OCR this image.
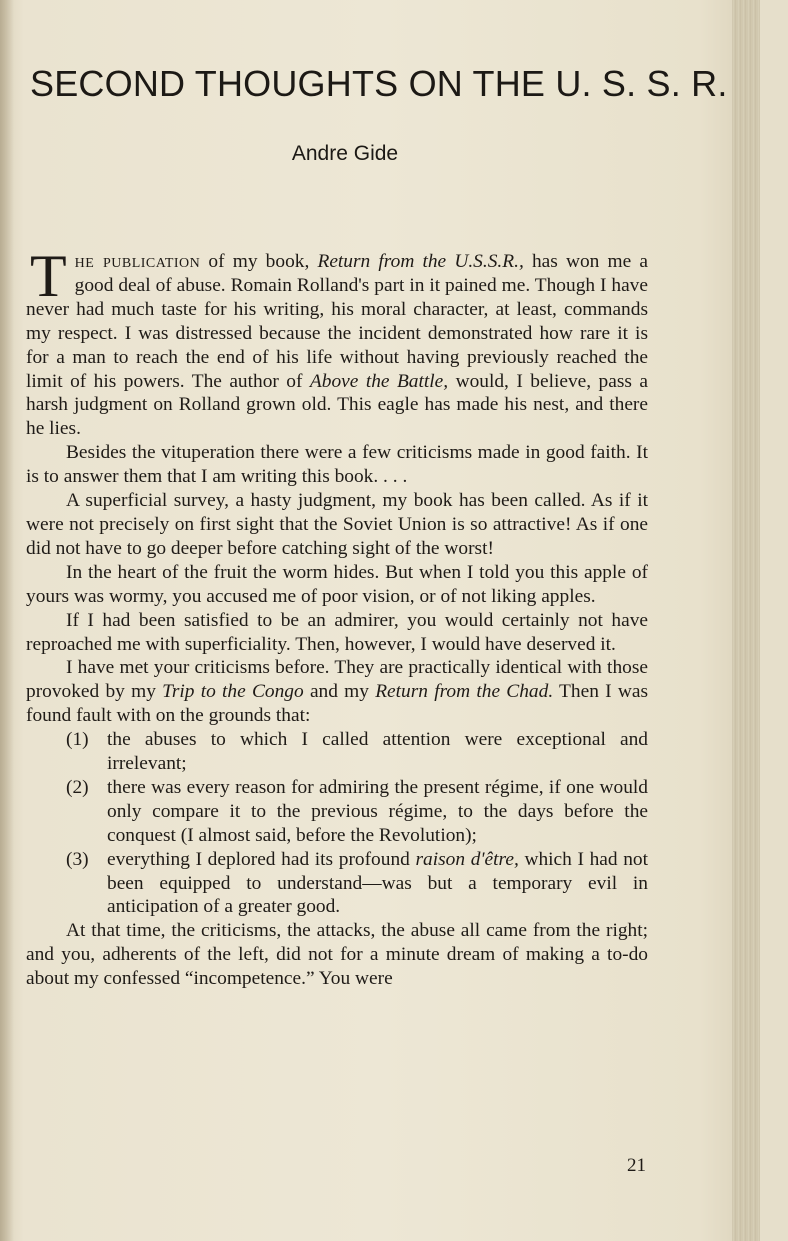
SECOND THOUGHTS ON THE U. S. S. R.
Andre Gide

The publication of my book, Return from the U.S.S.R., has won me a good deal of abuse. Romain Rolland's part in it pained me. Though I have never had much taste for his writing, his moral character, at least, commands my respect. I was distressed because the incident demonstrated how rare it is for a man to reach the end of his life without having previously reached the limit of his powers. The author of Above the Battle, would, I believe, pass a harsh judgment on Rolland grown old. This eagle has made his nest, and there he lies.

Besides the vituperation there were a few criticisms made in good faith. It is to answer them that I am writing this book. . . .

A superficial survey, a hasty judgment, my book has been called. As if it were not precisely on first sight that the Soviet Union is so attractive! As if one did not have to go deeper before catching sight of the worst!

In the heart of the fruit the worm hides. But when I told you this apple of yours was wormy, you accused me of poor vision, or of not liking apples.

If I had been satisfied to be an admirer, you would certainly not have reproached me with superficiality. Then, however, I would have deserved it.

I have met your criticisms before. They are practically identical with those provoked by my Trip to the Congo and my Return from the Chad. Then I was found fault with on the grounds that:

(1) the abuses to which I called attention were exceptional and irrelevant;
(2) there was every reason for admiring the present régime, if one would only compare it to the previous régime, to the days before the conquest (I almost said, before the Revolution);
(3) everything I deplored had its profound raison d'être, which I had not been equipped to understand—was but a temporary evil in anticipation of a greater good.

At that time, the criticisms, the attacks, the abuse all came from the right; and you, adherents of the left, did not for a minute dream of making a to-do about my confessed “incompetence.” You were

21
